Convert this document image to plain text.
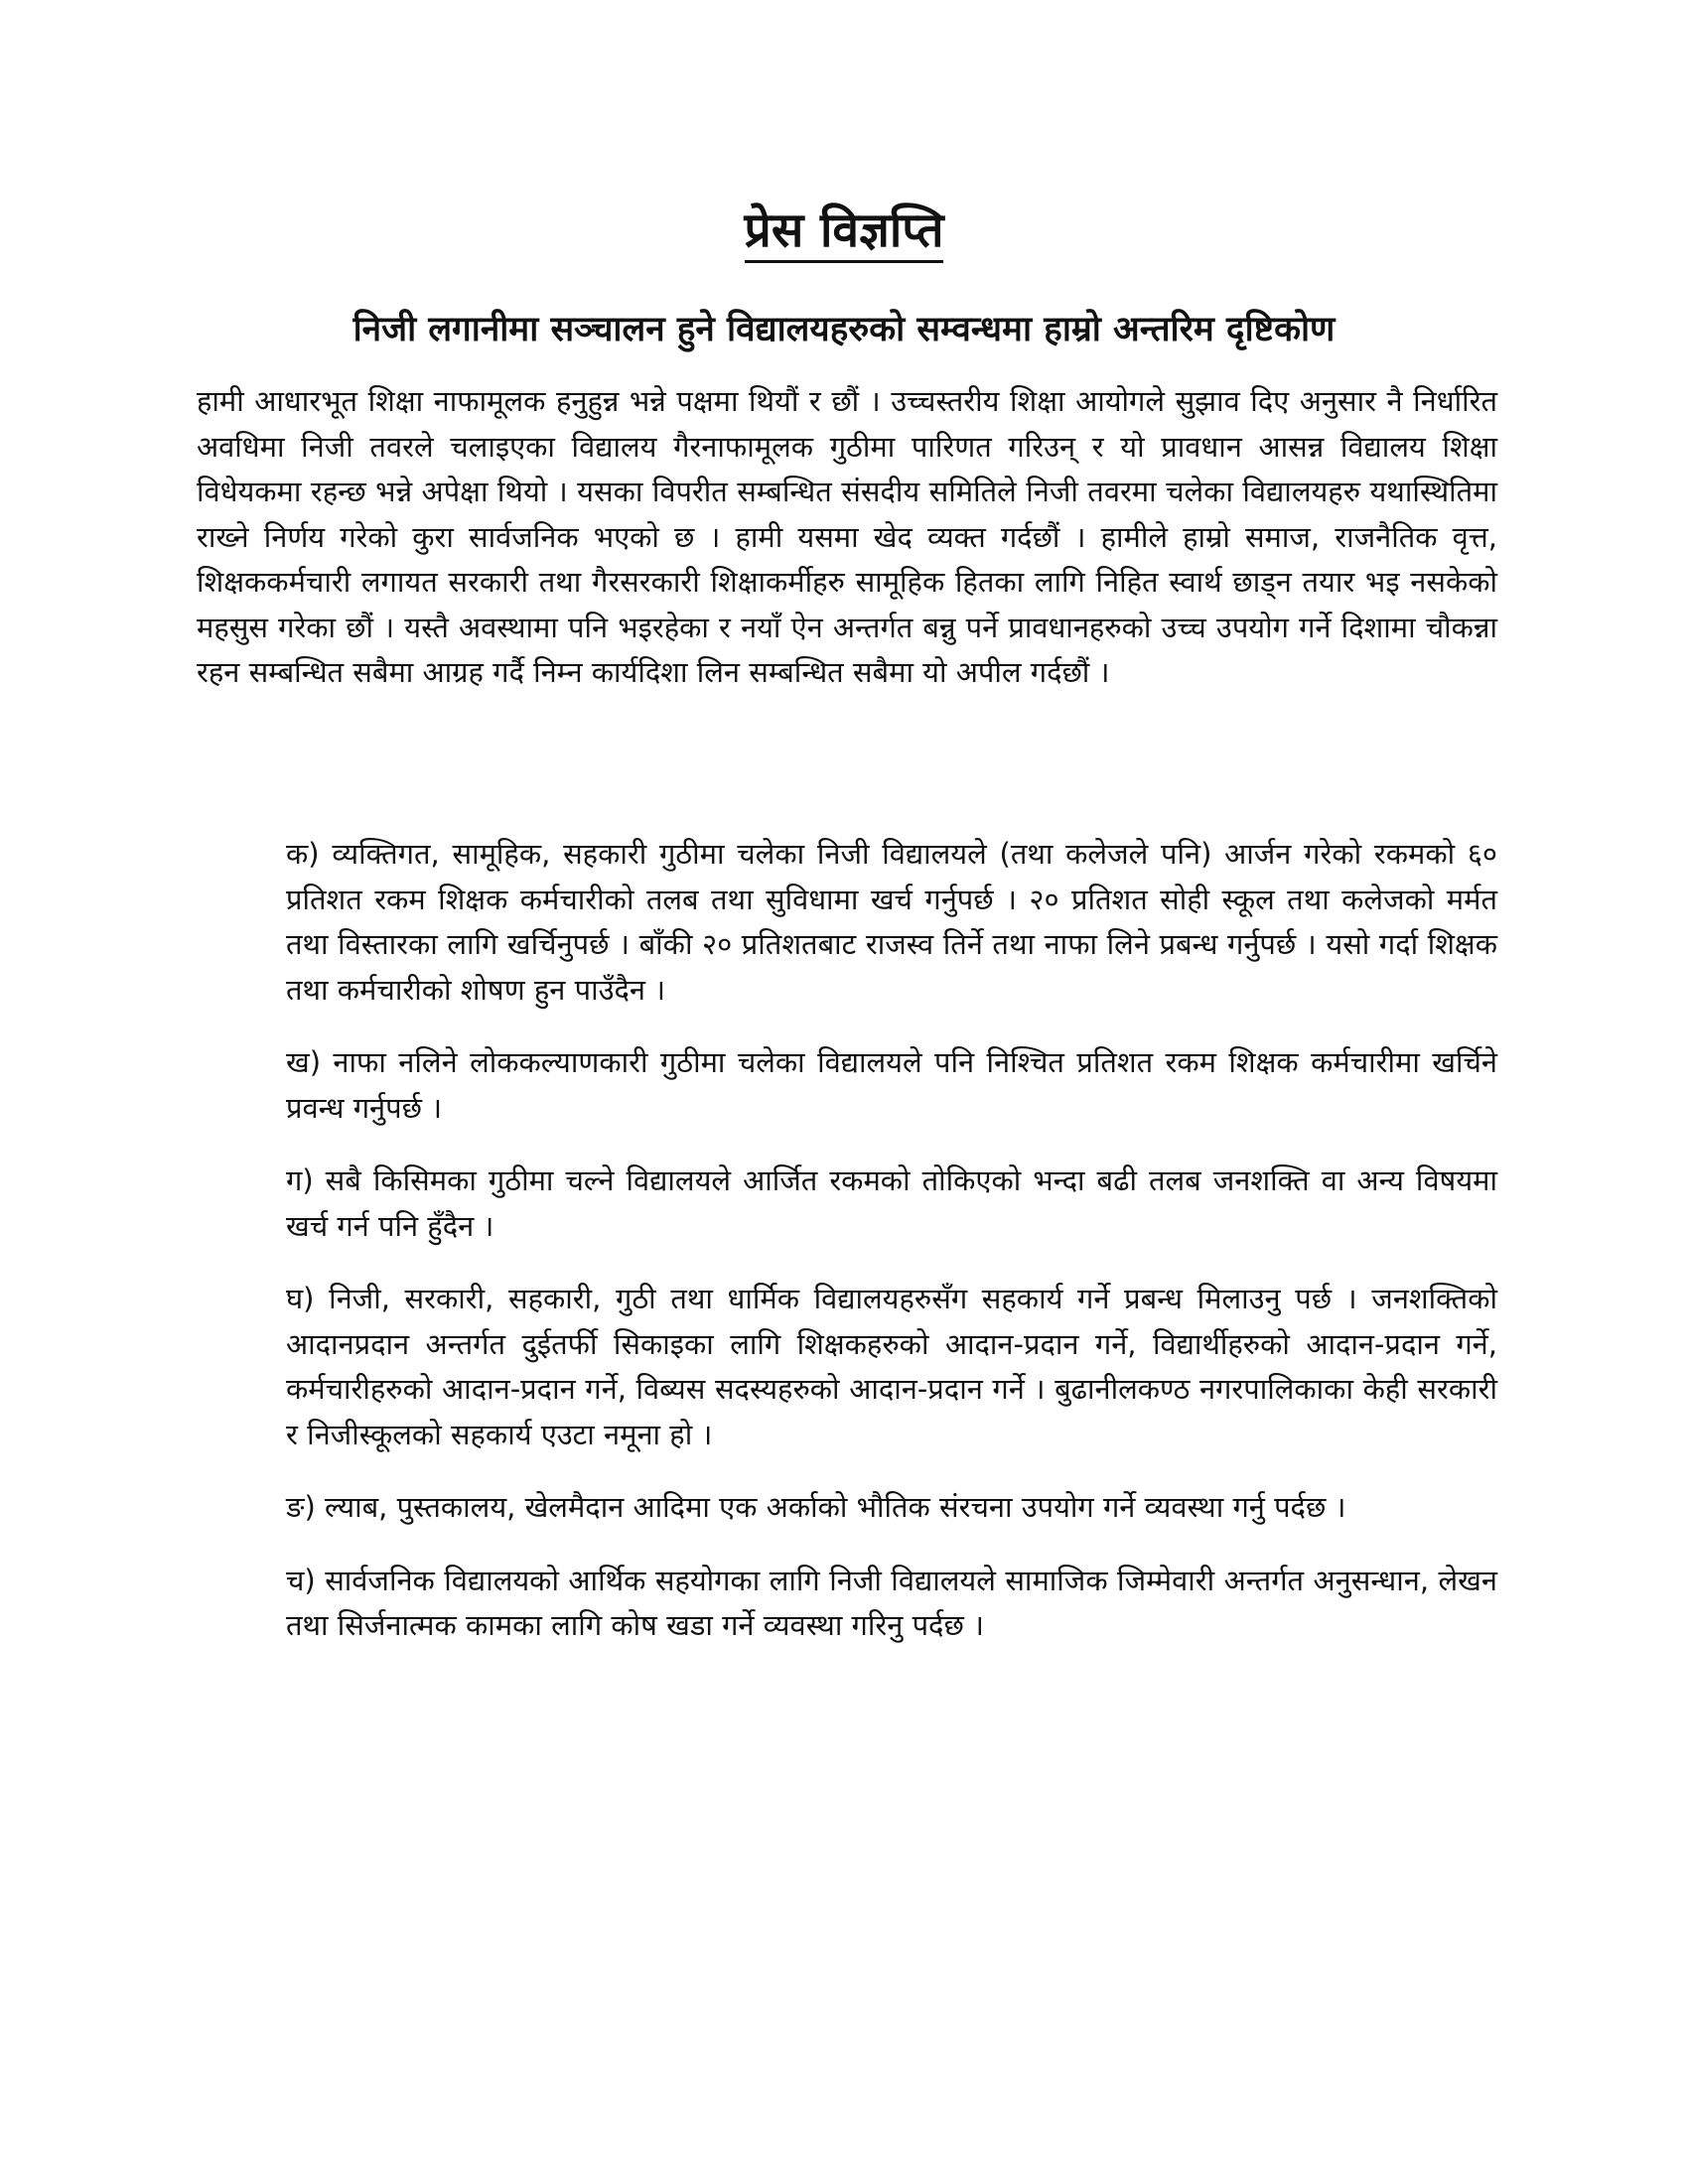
प्रेस विज्ञप्ति
निजी लगानीमा सञ्चालन हुने विद्यालयहरुको सम्वन्धमा हाम्रो अन्तरिम दृष्टिकोण

हामी आधारभूत शिक्षा नाफामूलक हनुहुन्न भन्ने पक्षमा थियौं र छौं । उच्चस्तरीय शिक्षा आयोगले सुझाव दिए अनुसार नै निर्धारित अवधिमा निजी तवरले चलाइएका विद्यालय गैरनाफामूलक गुठीमा पारिणत गरिउन् र यो प्रावधान आसन्न विद्यालय शिक्षा विधेयकमा रहन्छ भन्ने अपेक्षा थियो । यसका विपरीत सम्बन्धित संसदीय समितिले निजी तवरमा चलेका विद्यालयहरु यथास्थितिमा राख्ने निर्णय गरेको कुरा सार्वजनिक भएको छ । हामी यसमा खेद व्यक्त गर्दछौं । हामीले हाम्रो समाज, राजनैतिक वृत्त, शिक्षककर्मचारी लगायत सरकारी तथा गैरसरकारी शिक्षाकर्मीहरु सामूहिक हितका लागि निहित स्वार्थ छाड्न तयार भइ नसकेको महसुस गरेका छौं । यस्तै अवस्थामा पनि भइरहेका र नयाँ ऐन अन्तर्गत बन्नु पर्ने प्रावधानहरुको उच्च उपयोग गर्ने दिशामा चौकन्ना रहन सम्बन्धित सबैमा आग्रह गर्दै निम्न कार्यदिशा लिन सम्बन्धित सबैमा यो अपील गर्दछौं ।

क) व्यक्तिगत, सामूहिक, सहकारी गुठीमा चलेका निजी विद्यालयले (तथा कलेजले पनि) आर्जन गरेको रकमको ६० प्रतिशत रकम शिक्षक कर्मचारीको तलब तथा सुविधामा खर्च गर्नुपर्छ । २० प्रतिशत सोही स्कूल तथा कलेजको मर्मत तथा विस्तारका लागि खर्चिनुपर्छ । बाँकी २० प्रतिशतबाट राजस्व तिर्ने तथा नाफा लिने प्रबन्ध गर्नुपर्छ । यसो गर्दा शिक्षक तथा कर्मचारीको शोषण हुन पाउँदैन ।

ख) नाफा नलिने लोककल्याणकारी गुठीमा चलेका विद्यालयले पनि निश्चित प्रतिशत रकम शिक्षक कर्मचारीमा खर्चिने प्रवन्ध गर्नुपर्छ ।

ग) सबै किसिमका गुठीमा चल्ने विद्यालयले आर्जित रकमको तोकिएको भन्दा बढी तलब जनशक्ति वा अन्य विषयमा खर्च गर्न पनि हुँदैन ।

घ) निजी, सरकारी, सहकारी, गुठी तथा धार्मिक विद्यालयहरुसँग सहकार्य गर्ने प्रबन्ध मिलाउनु पर्छ । जनशक्तिको आदानप्रदान अन्तर्गत दुईतर्फी सिकाइका लागि शिक्षकहरुको आदान-प्रदान गर्ने, विद्यार्थीहरुको आदान-प्रदान गर्ने, कर्मचारीहरुको आदान-प्रदान गर्ने, विब्यस सदस्यहरुको आदान-प्रदान गर्ने । बुढानीलकण्ठ नगरपालिकाका केही सरकारी र निजीस्कूलको सहकार्य एउटा नमूना हो ।

ङ) ल्याब, पुस्तकालय, खेलमैदान आदिमा एक अर्काको भौतिक संरचना उपयोग गर्ने व्यवस्था गर्नु पर्दछ ।

च) सार्वजनिक विद्यालयको आर्थिक सहयोगका लागि निजी विद्यालयले सामाजिक जिम्मेवारी अन्तर्गत अनुसन्धान, लेखन तथा सिर्जनात्मक कामका लागि कोष खडा गर्ने व्यवस्था गरिनु पर्दछ ।
